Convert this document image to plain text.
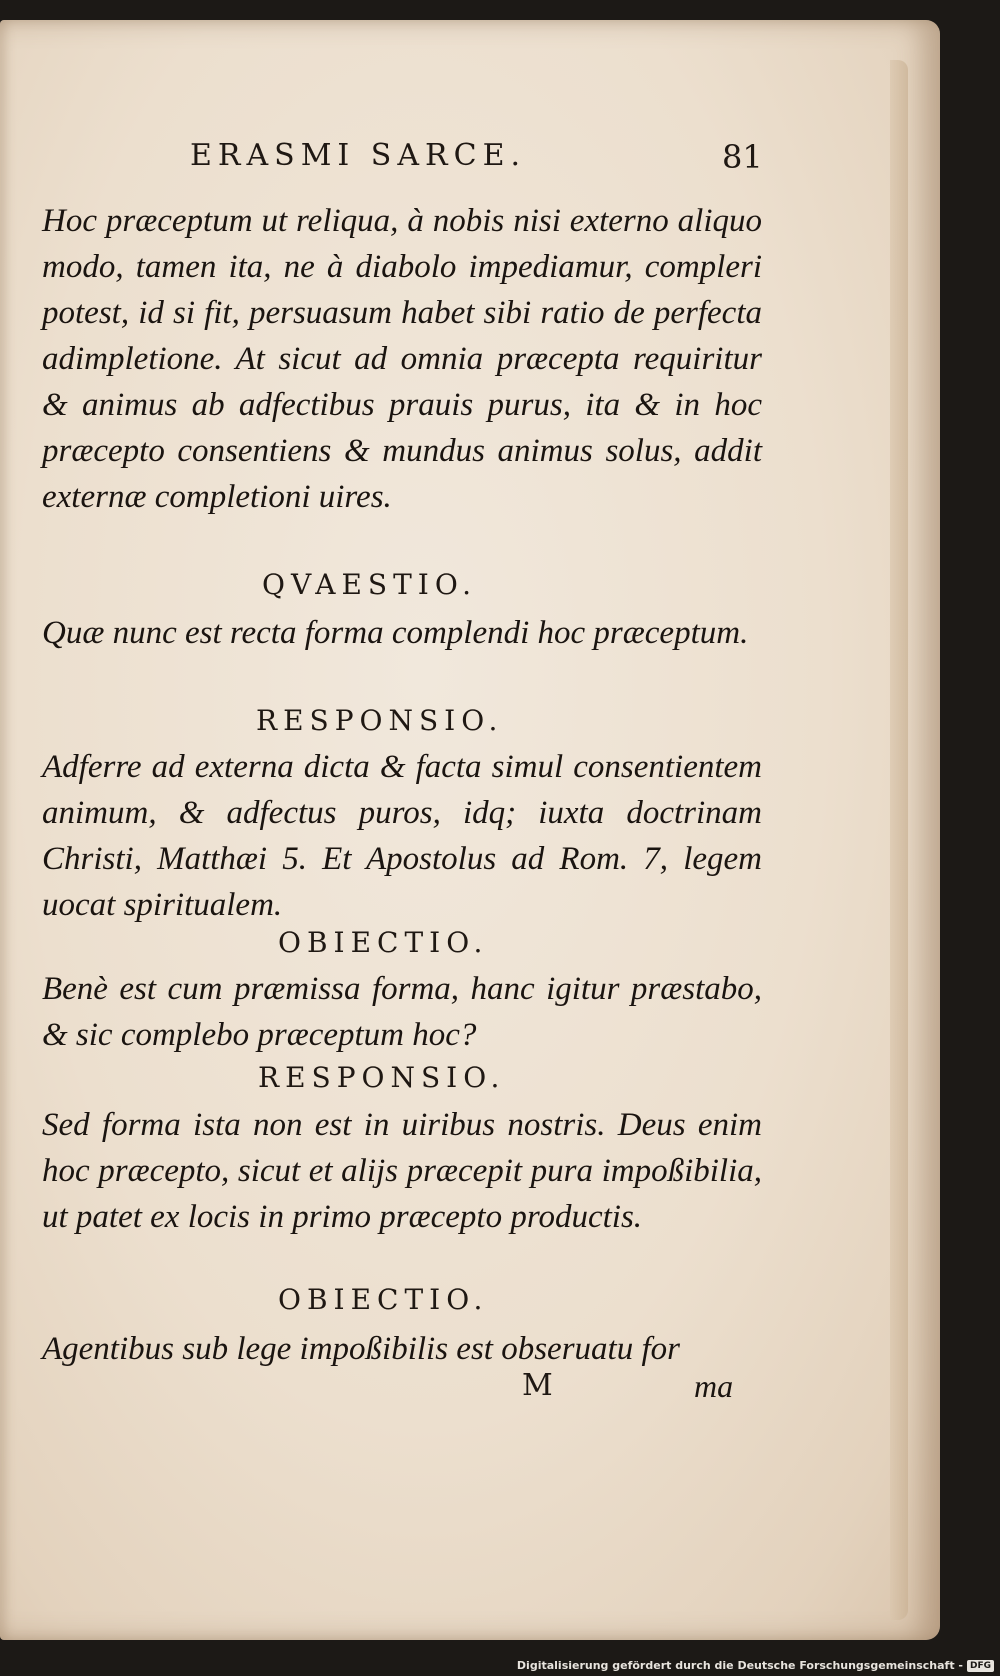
ERASMI SARCE.	81
Hoc præceptum ut reliqua, à nobis nisi externo aliquo modo, tamen ita, ne à diabolo impediamur, compleri potest, id si fit, persuasum habet sibi ratio de perfecta adimpletione. At sicut ad omnia præcepta requiritur & animus ab adfectibus prauis purus, ita & in hoc præcepto consentiens & mundus animus solus, addit externæ completioni uires.
QVAESTIO.
Quæ nunc est recta forma complendi hoc præceptum.
RESPONSIO.
Adferre ad externa dicta & facta simul consentientem animum, & adfectus puros, idq; iuxta doctrinam Christi, Matthæi 5. Et Apostolus ad Rom. 7, legem uocat spiritualem.
OBIECTIO.
Benè est cum præmissa forma, hanc igitur præstabo, & sic complebo præceptum hoc?
RESPONSIO.
Sed forma ista non est in uiribus nostris. Deus enim hoc præcepto, sicut et alijs præcepit pura impoßibilia, ut patet ex locis in primo præcepto productis.
OBIECTIO.
Agentibus sub lege impoßibilis est obseruatu for
M	ma
Digitalisierung gefördert durch die Deutsche Forschungsgemeinschaft - DFG
